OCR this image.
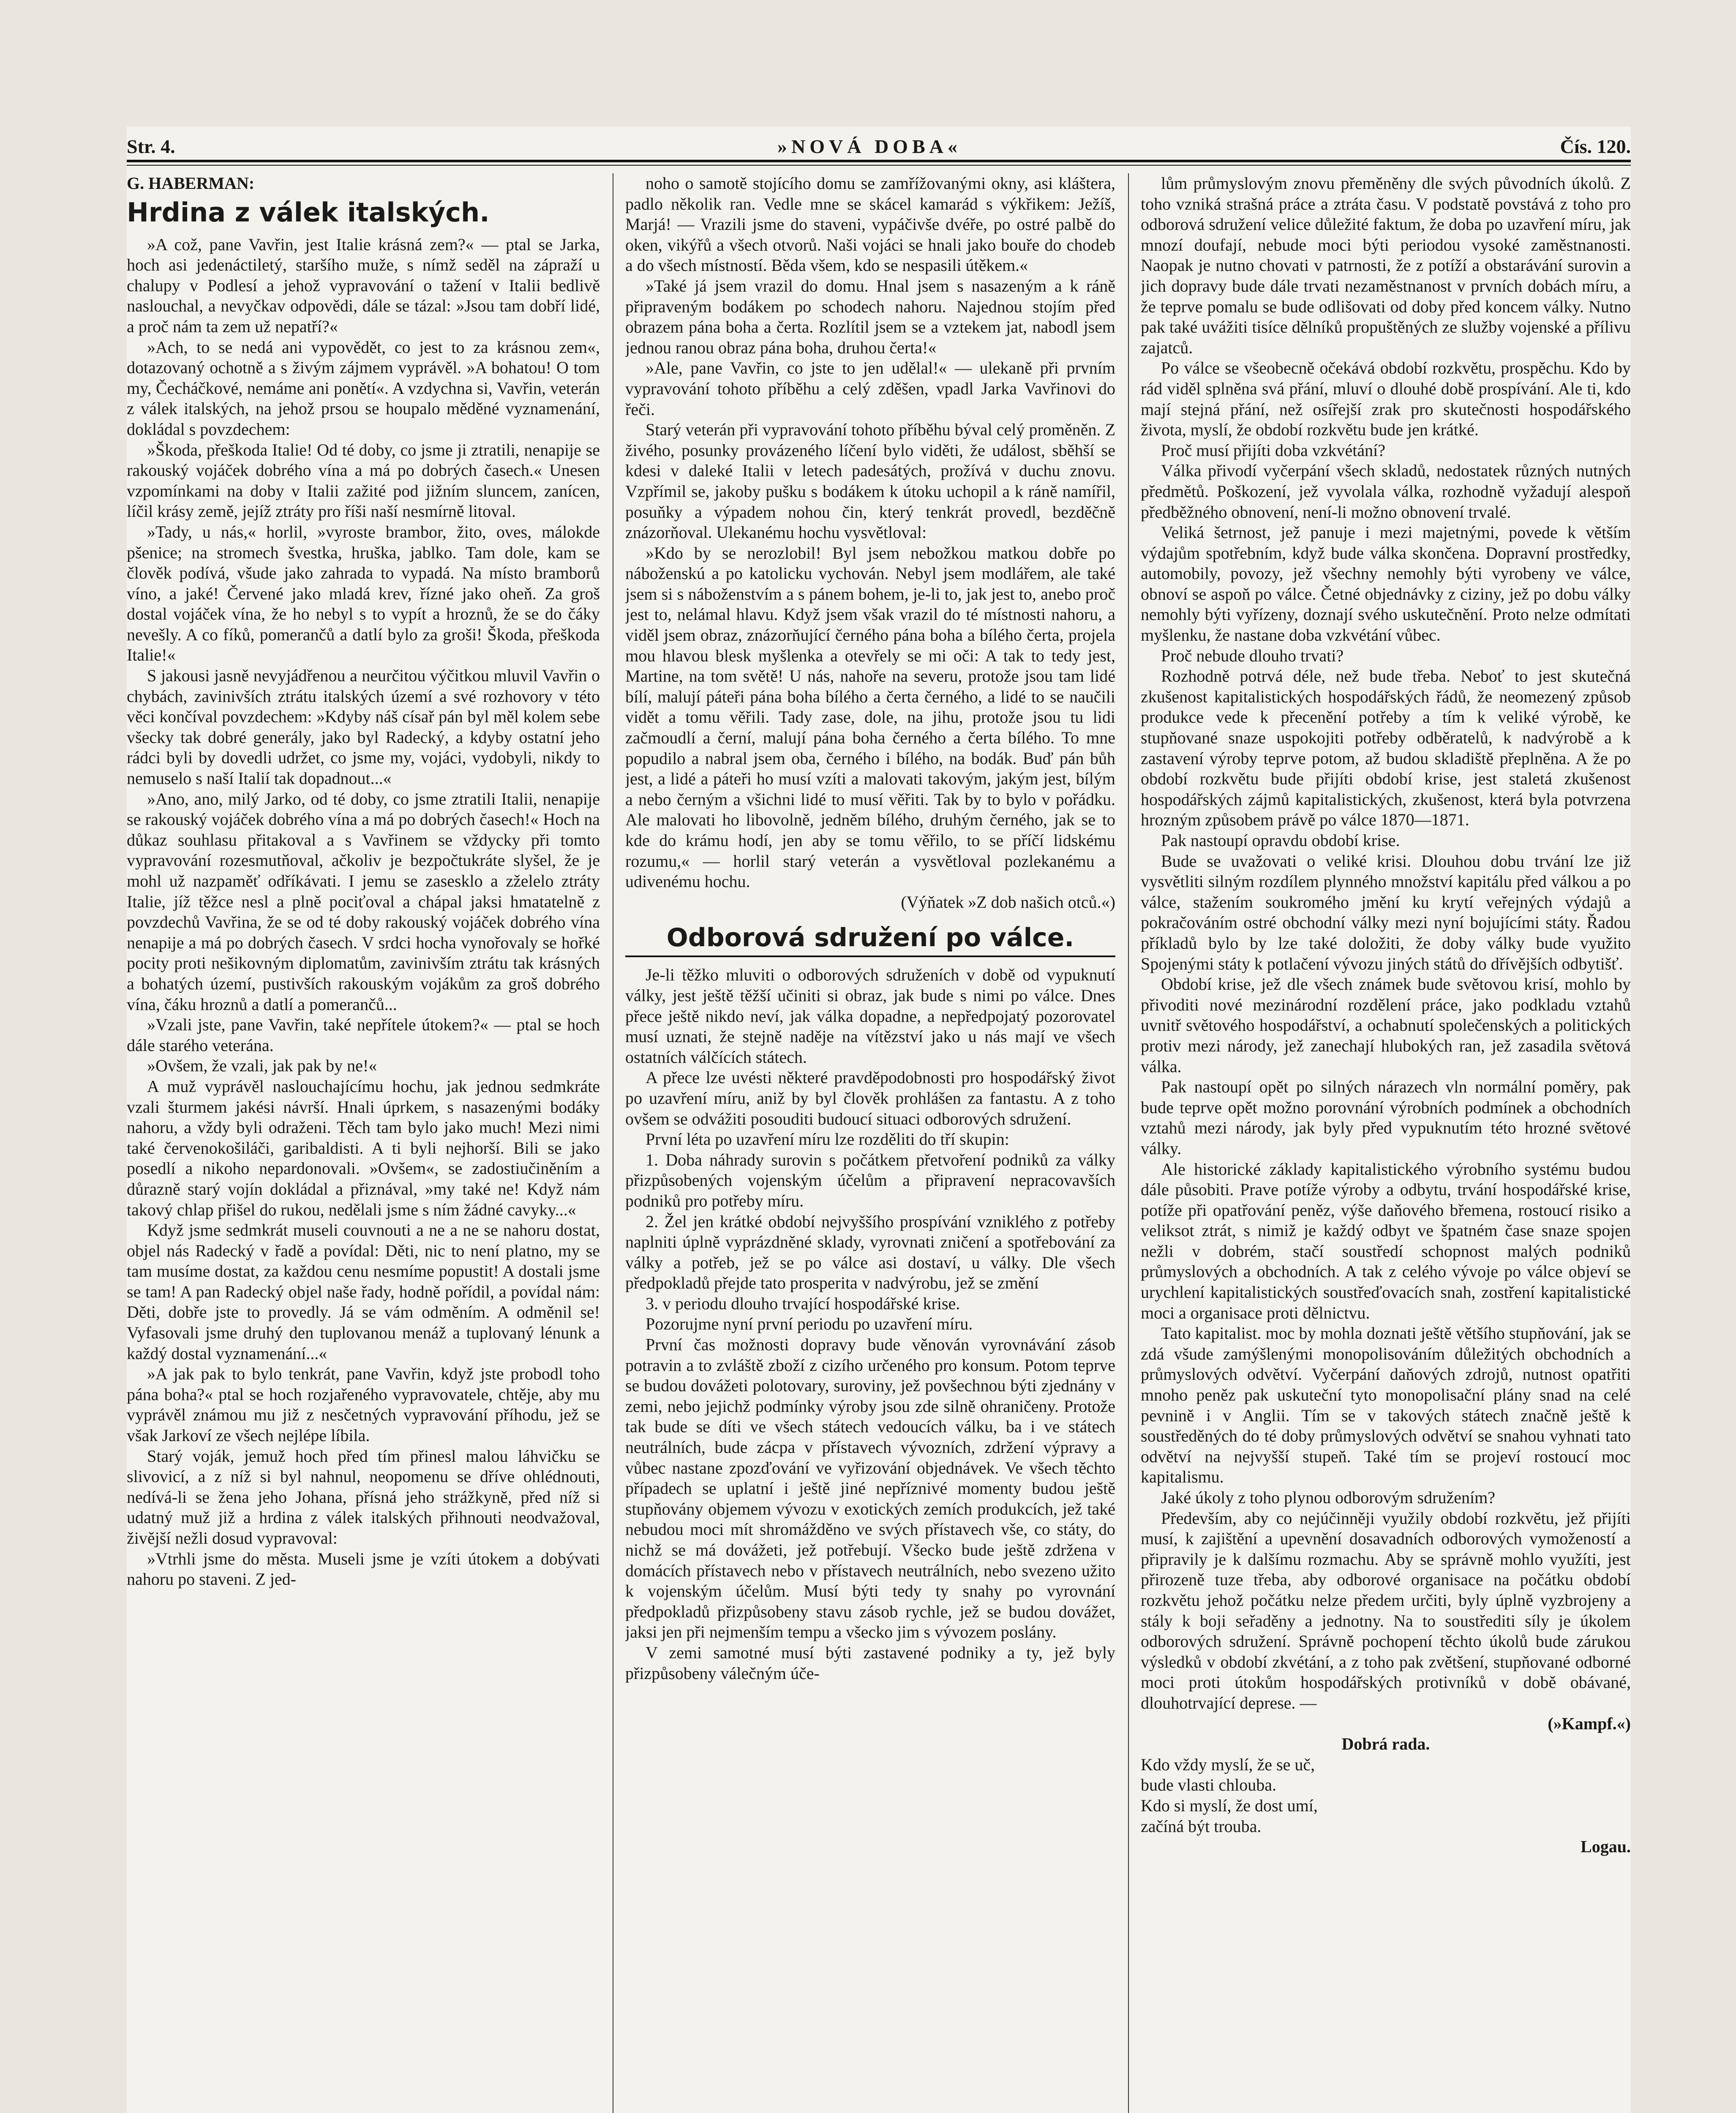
Str. 4.	»NOVÁ DOBA«	Čís. 120.

G. HABERMAN:

Hrdina z válek italských.

»A což, pane Vavřin, jest Italie krásná zem?« — ptal se Jarka, hoch asi jedenáctiletý, staršího muže, s nímž seděl na zápraží u chalupy v Podlesí a jehož vypravování o tažení v Italii bedlivě naslouchal, a nevyčkav odpovědi, dále se tázal: »Jsou tam dobří lidé, a proč nám ta zem už nepatří?«

»Ach, to se nedá ani vypovědět, co jest to za krásnou zem«, dotazovaný ochotně a s živým zájmem vyprávěl. »A bohatou! O tom my, Čecháčkové, nemáme ani ponětí«. A vzdychna si, Vavřin, veterán z válek italských, na jehož prsou se houpalo měděné vyznamenání, dokládal s povzdechem:

»Škoda, přeškoda Italie! Od té doby, co jsme ji ztratili, nenapije se rakouský vojáček dobrého vína a má po dobrých časech.« Unesen vzpomínkami na doby v Italii zažité pod jižním sluncem, zanícen, líčil krásy země, jejíž ztráty pro říši naší nesmírně litoval.

»Tady, u nás,« horlil, »vyroste brambor, žito, oves, málokde pšenice; na stromech švestka, hruška, jablko. Tam dole, kam se člověk podívá, všude jako zahrada to vypadá. Na místo bramborů víno, a jaké! Červené jako mladá krev, řízné jako oheň. Za groš dostal vojáček vína, že ho nebyl s to vypít a hroznů, že se do čáky nevešly. A co fíků, pomerančů a datlí bylo za groši! Škoda, přeškoda Italie!«

S jakousi jasně nevyjádřenou a neurčitou výčitkou mluvil Vavřin o chybách, zavinivších ztrátu italských území a své rozhovory v této věci končíval povzdechem: »Kdyby náš císař pán byl měl kolem sebe všecky tak dobré generály, jako byl Radecký, a kdyby ostatní jeho rádci byli by dovedli udržet, co jsme my, vojáci, vydobyli, nikdy to nemuselo s naší Italií tak dopadnout...«

»Ano, ano, milý Jarko, od té doby, co jsme ztratili Italii, nenapije se rakouský vojáček dobrého vína a má po dobrých časech!« Hoch na důkaz souhlasu přitakoval a s Vavřinem se vždycky při tomto vypravování rozesmutňoval, ačkoliv je bezpočtukráte slyšel, že je mohl už nazpaměť odříkávati. I jemu se zasesklo a zželelo ztráty Italie, jíž těžce nesl a plně pociťoval a chápal jaksi hmatatelně z povzdechů Vavřina, že se od té doby rakouský vojáček dobrého vína nenapije a má po dobrých časech. V srdci hocha vynořovaly se hořké pocity proti nešikovným diplomatům, zavinivším ztrátu tak krásných a bohatých území, pustivších rakouským vojákům za groš dobrého vína, čáku hroznů a datlí a pomerančů...

»Vzali jste, pane Vavřin, také nepřítele útokem?« — ptal se hoch dále starého veterána.

»Ovšem, že vzali, jak pak by ne!«

A muž vyprávěl naslouchajícímu hochu, jak jednou sedmkráte vzali šturmem jakési návrší. Hnali úprkem, s nasazenými bodáky nahoru, a vždy byli odraženi. Těch tam bylo jako much! Mezi nimi také červenokošiláči, garibaldisti. A ti byli nejhorší. Bili se jako posedlí a nikoho nepardonovali. »Ovšem«, se zadostiučiněním a důrazně starý vojín dokládal a přiznával, »my také ne! Když nám takový chlap přišel do rukou, nedělali jsme s ním žádné cavyky...«

Když jsme sedmkrát museli couvnouti a ne a ne se nahoru dostat, objel nás Radecký v řadě a povídal: Děti, nic to není platno, my se tam musíme dostat, za každou cenu nesmíme popustit! A dostali jsme se tam! A pan Radecký objel naše řady, hodně pořídil, a povídal nám: Děti, dobře jste to provedly. Já se vám odměním. A odměnil se! Vyfasovali jsme druhý den tuplovanou menáž a tuplovaný lénunk a každý dostal vyznamenání...«

»A jak pak to bylo tenkrát, pane Vavřin, když jste probodl toho pána boha?« ptal se hoch rozjařeného vypravovatele, chtěje, aby mu vyprávěl známou mu již z nesčetných vypravování příhodu, jež se však Jarkoví ze všech nejlépe líbila.

Starý voják, jemuž hoch před tím přinesl malou láhvičku se slivovicí, a z níž si byl nahnul, neopomenu se dříve ohlédnouti, nedívá-li se žena jeho Johana, přísná jeho strážkyně, před níž si udatný muž již a hrdina z válek italských přihnouti neodvažoval, živější nežli dosud vypravoval:

»Vtrhli jsme do města. Museli jsme je vzíti útokem a dobývati nahoru po staveni. Z jed-

noho o samotě stojícího domu se zamřížovanými okny, asi kláštera, padlo několik ran. Vedle mne se skácel kamarád s výkřikem: Ježíš, Marjá! — Vrazili jsme do staveni, vypáčivše dvéře, po ostré palbě do oken, vikýřů a všech otvorů. Naši vojáci se hnali jako bouře do chodeb a do všech místností. Běda všem, kdo se nespasili útěkem.«

»Také já jsem vrazil do domu. Hnal jsem s nasazeným a k ráně připraveným bodákem po schodech nahoru. Najednou stojím před obrazem pána boha a čerta. Rozlítil jsem se a vztekem jat, nabodl jsem jednou ranou obraz pána boha, druhou čerta!«

»Ale, pane Vavřin, co jste to jen udělal!« — ulekaně při prvním vypravování tohoto příběhu a celý zděšen, vpadl Jarka Vavřinovi do řeči.

Starý veterán při vypravování tohoto příběhu býval celý proměněn. Z živého, posunky provázeného líčení bylo viděti, že událost, sběhší se kdesi v daleké Italii v letech padesátých, prožívá v duchu znovu. Vzpřímil se, jakoby pušku s bodákem k útoku uchopil a k ráně namířil, posuňky a výpadem nohou čin, který tenkrát provedl, bezděčně znázorňoval. Ulekanému hochu vysvětloval:

»Kdo by se nerozlobil! Byl jsem nebožkou matkou dobře po náboženskú a po katolicku vychován. Nebyl jsem modlářem, ale také jsem si s náboženstvím a s pánem bohem, je-li to, jak jest to, anebo proč jest to, nelámal hlavu. Když jsem však vrazil do té místnosti nahoru, a viděl jsem obraz, znázorňující černého pána boha a bílého čerta, projela mou hlavou blesk myšlenka a otevřely se mi oči: A tak to tedy jest, Martine, na tom světě! U nás, nahoře na severu, protože jsou tam lidé bílí, malují páteři pána boha bílého a čerta černého, a lidé to se naučili vidět a tomu věřili. Tady zase, dole, na jihu, protože jsou tu lidi začmoudlí a černí, malují pána boha černého a čerta bílého. To mne popudilo a nabral jsem oba, černého i bílého, na bodák. Buď pán bůh jest, a lidé a páteři ho musí vzíti a malovati takovým, jakým jest, bílým a nebo černým a všichni lidé to musí věřiti. Tak by to bylo v pořádku. Ale malovati ho libovolně, jedněm bílého, druhým černého, jak se to kde do krámu hodí, jen aby se tomu věřilo, to se příčí lidskému rozumu,« — horlil starý veterán a vysvětloval pozlekanému a udivenému hochu.

(Výňatek »Z dob našich otců.«)

Odborová sdružení po válce.

Je-li těžko mluviti o odborových sdruženích v době od vypuknutí války, jest ještě těžší učiniti si obraz, jak bude s nimi po válce. Dnes přece ještě nikdo neví, jak válka dopadne, a nepředpojatý pozorovatel musí uznati, že stejně naděje na vítězství jako u nás mají ve všech ostatních válčících státech.

A přece lze uvésti některé pravděpodobnosti pro hospodářský život po uzavření míru, aniž by byl člověk prohlášen za fantastu. A z toho ovšem se odvážiti posouditi budoucí situaci odborových sdružení.

První léta po uzavření míru lze rozděliti do tří skupin:

1. Doba náhrady surovin s počátkem přetvoření podniků za války přizpůsobených vojenským účelům a připravení nepracovavších podniků pro potřeby míru.

2. Žel jen krátké období nejvyššího prospívání vzniklého z potřeby naplniti úplně vyprázdněné sklady, vyrovnati zničení a spotřebování za války a potřeb, jež se po válce asi dostaví, u války. Dle všech předpokladů přejde tato prosperita v nadvýrobu, jež se změní

3. v periodu dlouho trvající hospodářské krise.

Pozorujme nyní první periodu po uzavření míru.

První čas možnosti dopravy bude věnován vyrovnávání zásob potravin a to zvláště zboží z cizího určeného pro konsum. Potom teprve se budou dovážeti polotovary, suroviny, jež povšechnou býti zjednány v zemi, nebo jejichž podmínky výroby jsou zde silně ohraničeny. Protože tak bude se díti ve všech státech vedoucích válku, ba i ve státech neutrálních, bude zácpa v přístavech vývozních, zdržení výpravy a vůbec nastane zpozďování ve vyřizování objednávek. Ve všech těchto případech se uplatní i ještě jiné nepříznivé momenty budou ještě stupňovány objemem vývozu v exotických zemích produkcích, jež také nebudou moci mít shromážděno ve svých přístavech vše, co státy, do nichž se má dovážeti, jež potřebují. Všecko bude ještě zdržena v domácích přístavech nebo v přístavech neutrálních, nebo svezeno užito k vojenským účelům. Musí býti tedy ty snahy po vyrovnání předpokladů přizpůsobeny stavu zásob rychle, jež se budou dovážet, jaksi jen při nejmenším tempu a všecko jim s vývozem poslány.

V zemi samotné musí býti zastavené podniky a ty, jež byly přizpůsobeny válečným úče-

lům průmyslovým znovu přeměněny dle svých původních úkolů. Z toho vzniká strašná práce a ztráta času. V podstatě povstává z toho pro odborová sdružení velice důležité faktum, že doba po uzavření míru, jak mnozí doufají, nebude moci býti periodou vysoké zaměstnanosti. Naopak je nutno chovati v patrnosti, že z potíží a obstarávání surovin a jich dopravy bude dále trvati nezaměstnanost v prvních dobách míru, a že teprve pomalu se bude odlišovati od doby před koncem války. Nutno pak také uvážiti tisíce dělníků propuštěných ze služby vojenské a přílivu zajatců.

Po válce se všeobecně očekává období rozkvětu, prospěchu. Kdo by rád viděl splněna svá přání, mluví o dlouhé době prospívání. Ale ti, kdo mají stejná přání, než osířejší zrak pro skutečnosti hospodářského života, myslí, že období rozkvětu bude jen krátké.

Proč musí přijíti doba vzkvétání?

Válka přivodí vyčerpání všech skladů, nedostatek různých nutných předmětů. Poškození, jež vyvolala válka, rozhodně vyžadují alespoň předběžného obnovení, není-li možno obnovení trvalé.

Veliká šetrnost, jež panuje i mezi majetnými, povede k větším výdajům spotřebním, když bude válka skončena. Dopravní prostředky, automobily, povozy, jež všechny nemohly býti vyrobeny ve válce, obnoví se aspoň po válce. Četné objednávky z ciziny, jež po dobu války nemohly býti vyřízeny, doznají svého uskutečnění. Proto nelze odmítati myšlenku, že nastane doba vzkvétání vůbec.

Proč nebude dlouho trvati?

Rozhodně potrvá déle, než bude třeba. Neboť to jest skutečná zkušenost kapitalistických hospodářských řádů, že neomezený způsob produkce vede k přecenění potřeby a tím k veliké výrobě, ke stupňované snaze uspokojiti potřeby odběratelů, k nadvýrobě a k zastavení výroby teprve potom, až budou skladiště přeplněna. A že po období rozkvětu bude přijíti období krise, jest staletá zkušenost hospodářských zájmů kapitalistických, zkušenost, která byla potvrzena hrozným způsobem právě po válce 1870—1871.

Pak nastoupí opravdu období krise.

Bude se uvažovati o veliké krisi. Dlouhou dobu trvání lze již vysvětliti silným rozdílem plynného množství kapitálu před válkou a po válce, stažením soukromého jmění ku krytí veřejných výdajů a pokračováním ostré obchodní války mezi nyní bojujícími státy. Řadou příkladů bylo by lze také doložiti, že doby války bude využito Spojenými státy k potlačení vývozu jiných států do dřívějších odbytišť.

Období krise, jež dle všech známek bude světovou krisí, mohlo by přivoditi nové mezinárodní rozdělení práce, jako podkladu vztahů uvnitř světového hospodářství, a ochabnutí společenských a politických protiv mezi národy, jež zanechají hlubokých ran, jež zasadila světová válka.

Pak nastoupí opět po silných nárazech vln normální poměry, pak bude teprve opět možno porovnání výrobních podmínek a obchodních vztahů mezi národy, jak byly před vypuknutím této hrozné světové války.

Ale historické základy kapitalistického výrobního systému budou dále působiti. Prave potíže výroby a odbytu, trvání hospodářské krise, potíže při opatřování peněz, výše daňového břemena, rostoucí risiko a veliksot ztrát, s nimiž je každý odbyt ve špatném čase snaze spojen nežli v dobrém, stačí soustředí schopnost malých podniků průmyslových a obchodních. A tak z celého vývoje po válce objeví se urychlení kapitalistických soustřeďovacích snah, zostření kapitalistické moci a organisace proti dělnictvu.

Tato kapitalist. moc by mohla doznati ještě většího stupňování, jak se zdá všude zamýšlenými monopolisováním důležitých obchodních a průmyslových odvětví. Vyčerpání daňových zdrojů, nutnost opatřiti mnoho peněz pak uskuteční tyto monopolisační plány snad na celé pevnině i v Anglii. Tím se v takových státech značně ještě k soustředěných do té doby průmyslových odvětví se snahou vyhnati tato odvětví na nejvyšší stupeň. Také tím se projeví rostoucí moc kapitalismu.

Jaké úkoly z toho plynou odborovým sdružením?

Především, aby co nejúčinněji využily období rozkvětu, jež přijíti musí, k zajištění a upevnění dosavadních odborových vymožeností a připravily je k dalšímu rozmachu. Aby se správně mohlo využíti, jest přirozeně tuze třeba, aby odborové organisace na počátku období rozkvětu jehož počátku nelze předem určiti, byly úplně vyzbrojeny a stály k boji seřaděny a jednotny. Na to soustřediti síly je úkolem odborových sdružení. Správně pochopení těchto úkolů bude zárukou výsledků v období zkvétání, a z toho pak zvětšení, stupňované odborné moci proti útokům hospodářských protivníků v době obávané, dlouhotrvající deprese. —

(»Kampf.«)

Dobrá rada.

Kdo vždy myslí, že se uč,

bude vlasti chlouba.

Kdo si myslí, že dost umí,

začíná být trouba.

Logau.
